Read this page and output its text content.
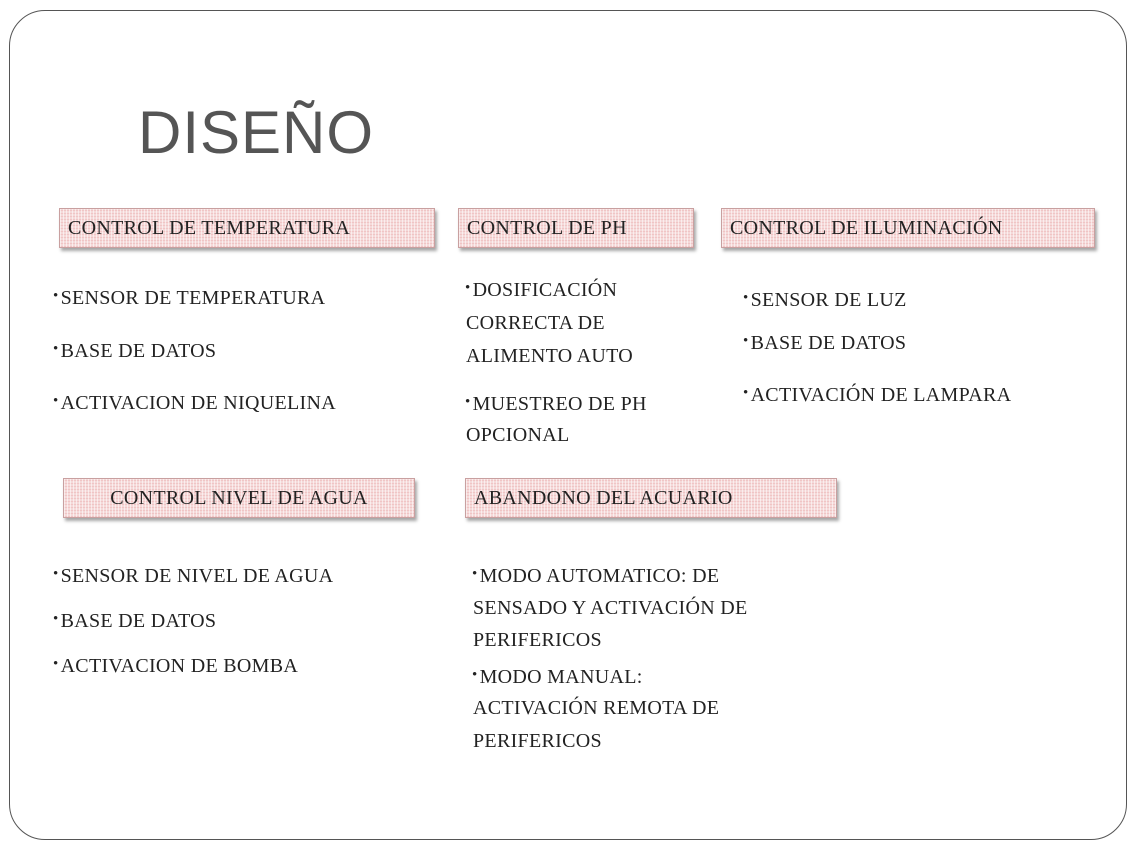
DISEÑO
CONTROL DE TEMPERATURA
• SENSOR DE TEMPERATURA
• BASE DE DATOS
• ACTIVACION DE NIQUELINA
CONTROL DE PH
• DOSIFICACIÓN
CORRECTA DE
ALIMENTO AUTO
• MUESTREO DE PH
OPCIONAL
CONTROL DE ILUMINACIÓN
• SENSOR DE LUZ
• BASE DE DATOS
• ACTIVACIÓN DE LAMPARA
CONTROL NIVEL DE AGUA
• SENSOR DE NIVEL DE AGUA
• BASE DE DATOS
• ACTIVACION DE BOMBA
ABANDONO DEL ACUARIO
• MODO AUTOMATICO: DE
SENSADO Y ACTIVACIÓN DE
PERIFERICOS
• MODO MANUAL:
ACTIVACIÓN REMOTA DE
PERIFERICOS
